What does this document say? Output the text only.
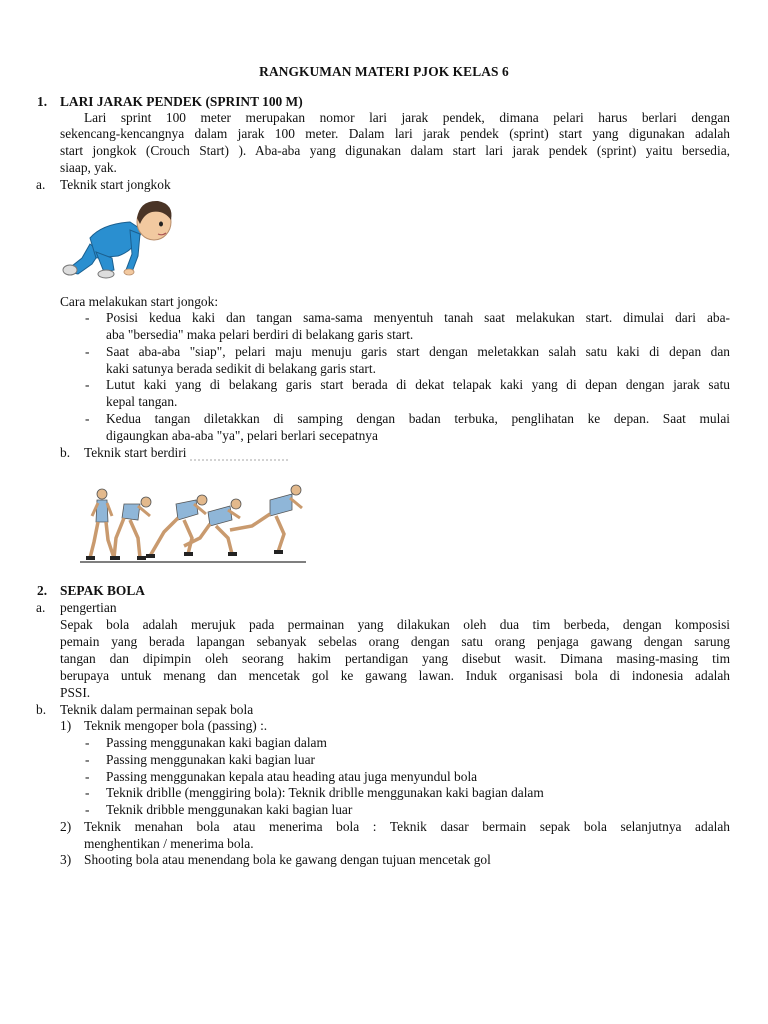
RANGKUMAN MATERI PJOK KELAS 6
1. LARI JARAK PENDEK (SPRINT 100 M)
Lari sprint 100 meter merupakan nomor lari jarak pendek, dimana pelari harus berlari dengan
sekencang-kencangnya dalam jarak 100 meter. Dalam lari jarak pendek (sprint) start yang digunakan adalah
start jongkok (Crouch Start) ). Aba-aba yang digunakan dalam start lari jarak pendek (sprint) yaitu bersedia,
siaap, yak.
a. Teknik start jongkok
Cara melakukan start jongok:
- Posisi kedua kaki dan tangan sama-sama menyentuh tanah saat melakukan start. dimulai dari aba-
aba "bersedia" maka pelari berdiri di belakang garis start.
- Saat aba-aba "siap", pelari maju menuju garis start dengan meletakkan salah satu kaki di depan dan
kaki satunya berada sedikit di belakang garis start.
- Lutut kaki yang di belakang garis start berada di dekat telapak kaki yang di depan dengan jarak satu
kepal tangan.
- Kedua tangan diletakkan di samping dengan badan terbuka, penglihatan ke depan. Saat mulai
digaungkan aba-aba "ya", pelari berlari secepatnya
b. Teknik start berdiri
2. SEPAK BOLA
a. pengertian
Sepak bola adalah merujuk pada permainan yang dilakukan oleh dua tim berbeda, dengan komposisi
pemain yang berada lapangan sebanyak sebelas orang dengan satu orang penjaga gawang dengan sarung
tangan dan dipimpin oleh seorang hakim pertandigan yang disebut wasit. Dimana masing-masing tim
berupaya untuk menang dan mencetak gol ke gawang lawan. Induk organisasi bola di indonesia adalah
PSSI.
b. Teknik dalam permainan sepak bola
1) Teknik mengoper bola (passing) :.
- Passing menggunakan kaki bagian dalam
- Passing menggunakan kaki bagian luar
- Passing menggunakan kepala atau heading atau juga menyundul bola
- Teknik driblle (menggiring bola): Teknik driblle menggunakan kaki bagian dalam
- Teknik dribble menggunakan kaki bagian luar
2) Teknik menahan bola atau menerima bola : Teknik dasar bermain sepak bola selanjutnya adalah
menghentikan / menerima bola.
3) Shooting bola atau menendang bola ke gawang dengan tujuan mencetak gol
